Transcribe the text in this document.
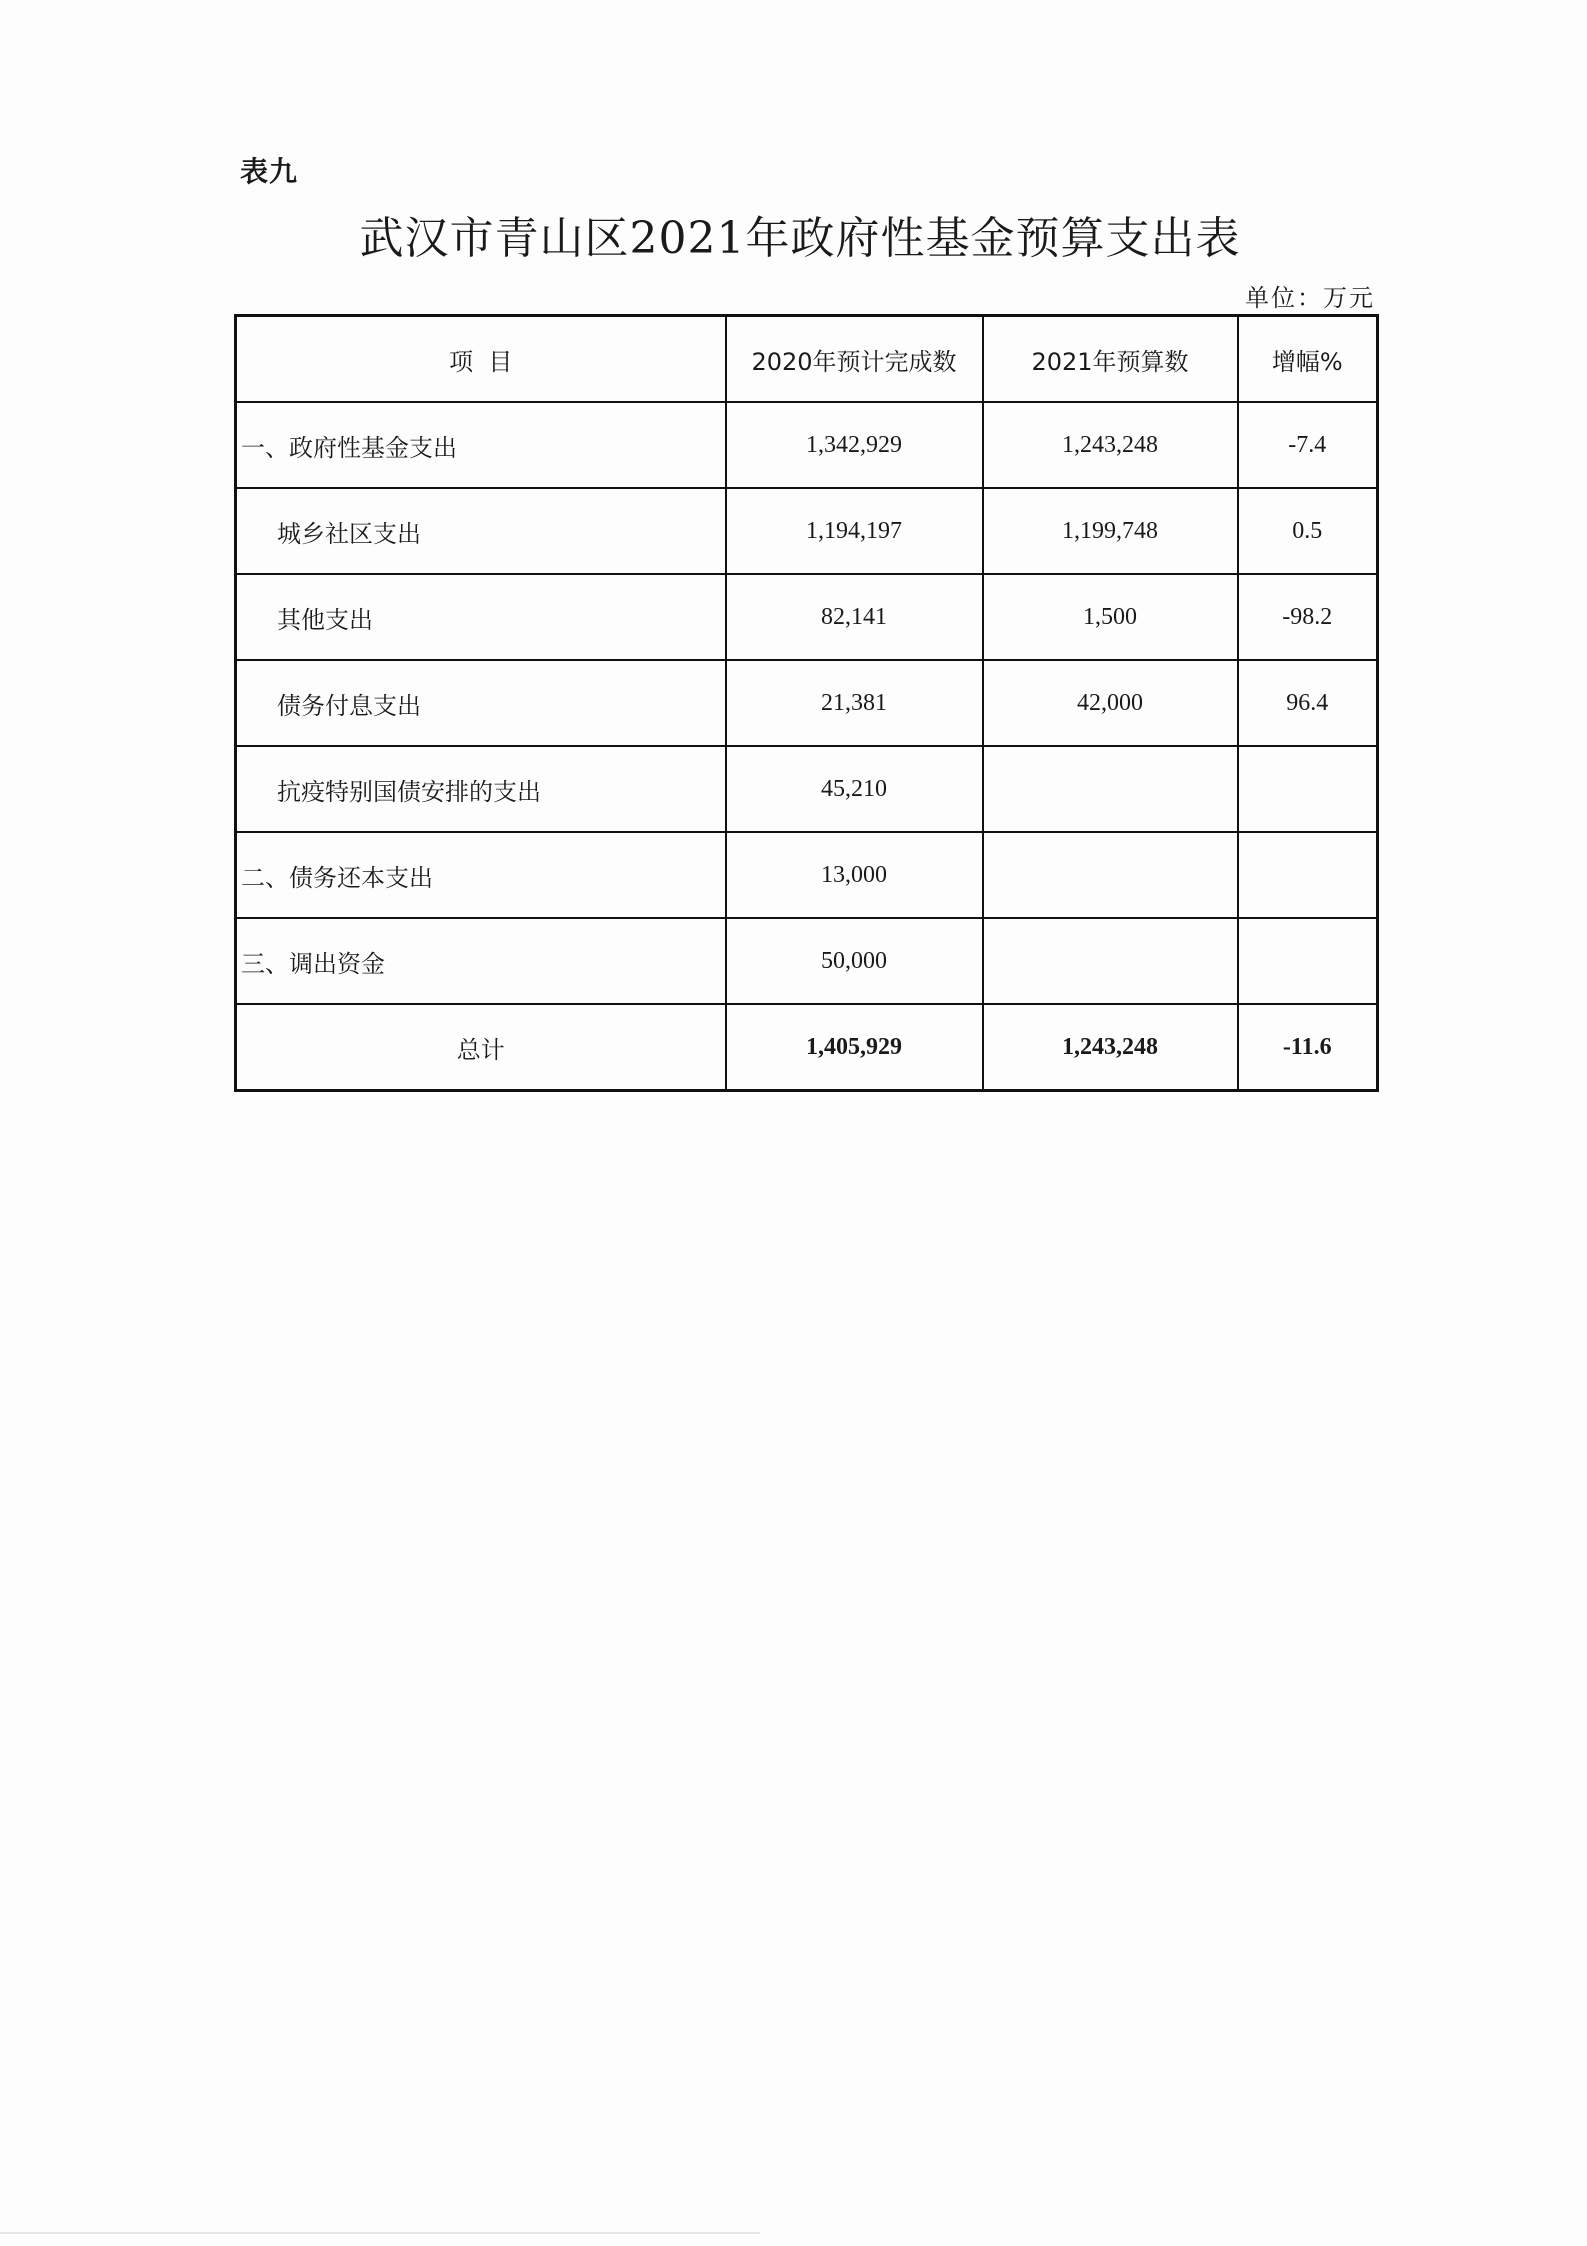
表九
武汉市青山区2021年政府性基金预算支出表
单位：万元
项  目	2020年预计完成数	2021年预算数	增幅%
一、政府性基金支出	1,342,929	1,243,248	-7.4
城乡社区支出	1,194,197	1,199,748	0.5
其他支出	82,141	1,500	-98.2
债务付息支出	21,381	42,000	96.4
抗疫特别国债安排的支出	45,210		
二、债务还本支出	13,000		
三、调出资金	50,000		
总计	1,405,929	1,243,248	-11.6
